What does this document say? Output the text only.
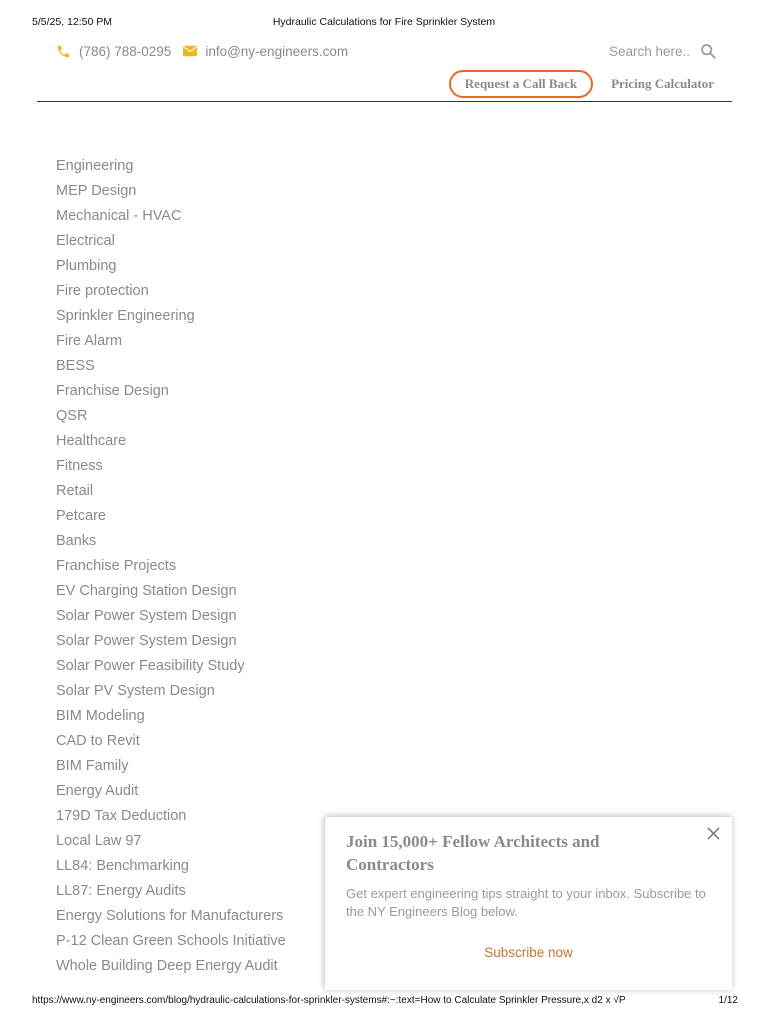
5/5/25, 12:50 PM	Hydraulic Calculations for Fire Sprinkler System
(786) 788-0295	info@ny-engineers.com	Search here..
Request a Call Back	Pricing Calculator
Engineering
MEP Design
Mechanical - HVAC
Electrical
Plumbing
Fire protection
Sprinkler Engineering
Fire Alarm
BESS
Franchise Design
QSR
Healthcare
Fitness
Retail
Petcare
Banks
Franchise Projects
EV Charging Station Design
Solar Power System Design
Solar Power System Design
Solar Power Feasibility Study
Solar PV System Design
BIM Modeling
CAD to Revit
BIM Family
Energy Audit
179D Tax Deduction
Local Law 97
LL84: Benchmarking
LL87: Energy Audits
Energy Solutions for Manufacturers
P-12 Clean Green Schools Initiative
Whole Building Deep Energy Audit
Join 15,000+ Fellow Architects and Contractors
Get expert engineering tips straight to your inbox. Subscribe to the NY Engineers Blog below.
Subscribe now
https://www.ny-engineers.com/blog/hydraulic-calculations-for-sprinkler-systems#:~:text=How to Calculate Sprinkler Pressure,x d2 x √P	1/12
